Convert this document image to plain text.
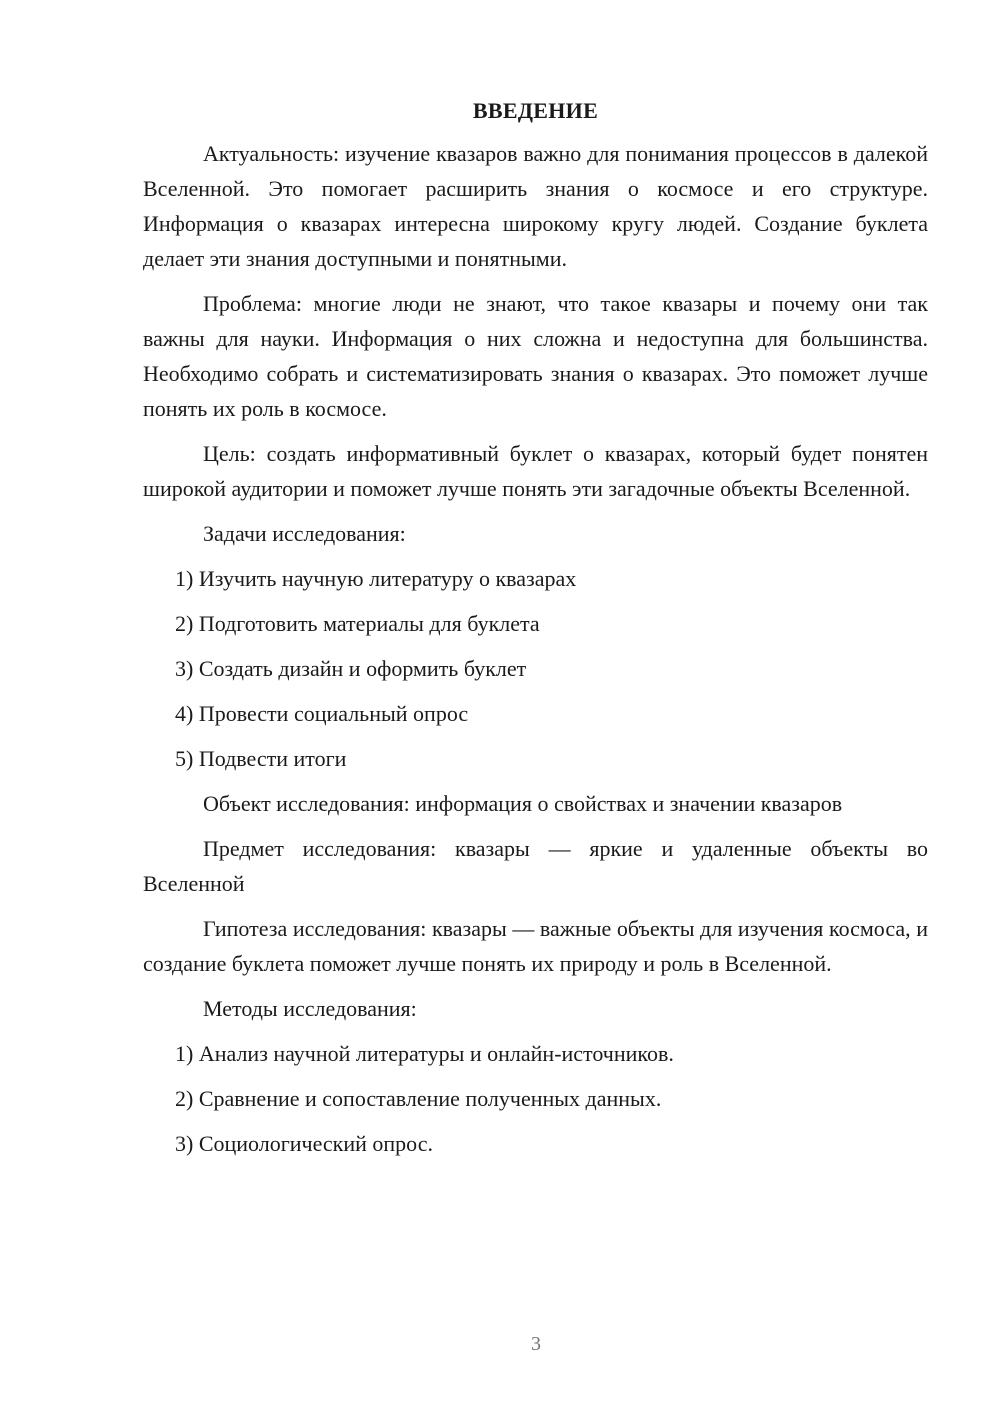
ВВЕДЕНИЕ

Актуальность: изучение квазаров важно для понимания процессов в далекой Вселенной. Это помогает расширить знания о космосе и его структуре. Информация о квазарах интересна широкому кругу людей. Создание буклета делает эти знания доступными и понятными.

Проблема: многие люди не знают, что такое квазары и почему они так важны для науки. Информация о них сложна и недоступна для большинства. Необходимо собрать и систематизировать знания о квазарах. Это поможет лучше понять их роль в космосе.

Цель: создать информативный буклет о квазарах, который будет понятен широкой аудитории и поможет лучше понять эти загадочные объекты Вселенной.

Задачи исследования:
1) Изучить научную литературу о квазарах
2) Подготовить материалы для буклета
3) Создать дизайн и оформить буклет
4) Провести социальный опрос
5) Подвести итоги
Объект исследования: информация о свойствах и значении квазаров

Предмет исследования: квазары — яркие и удаленные объекты во Вселенной

Гипотеза исследования: квазары — важные объекты для изучения космоса, и создание буклета поможет лучше понять их природу и роль в Вселенной.

Методы исследования:
1) Анализ научной литературы и онлайн-источников.
2) Сравнение и сопоставление полученных данных.
3) Социологический опрос.
3
